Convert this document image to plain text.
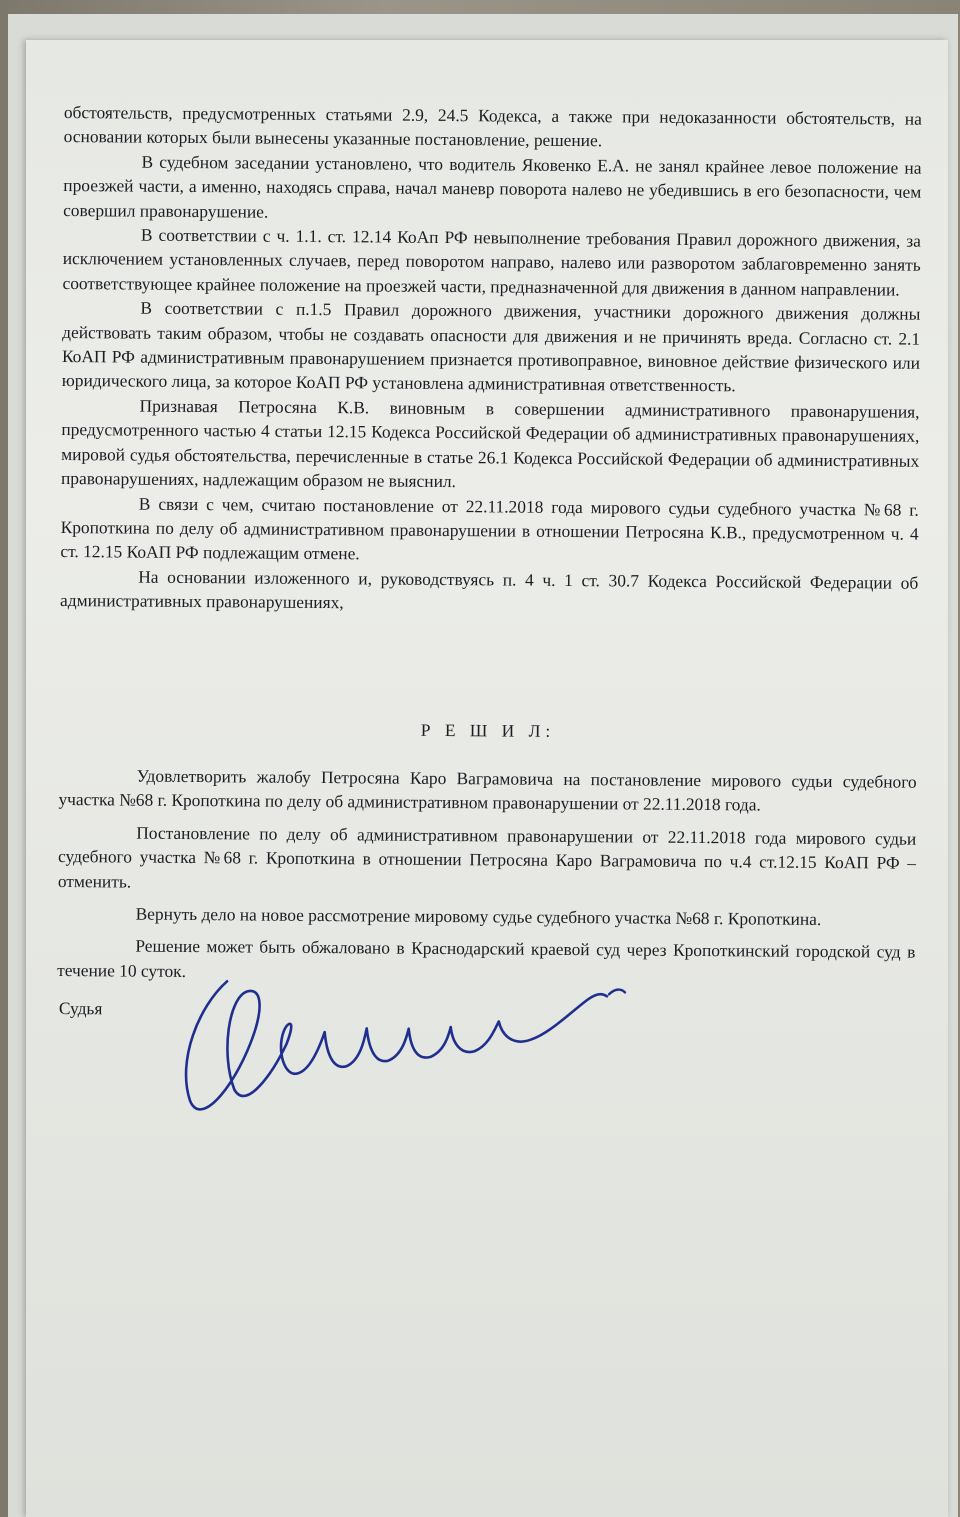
обстоятельств, предусмотренных статьями 2.9, 24.5 Кодекса, а также при недоказанности обстоятельств, на основании которых были вынесены указанные постановление, решение.

В судебном заседании установлено, что водитель Яковенко Е.А. не занял крайнее левое положение на проезжей части, а именно, находясь справа, начал маневр поворота налево не убедившись в его безопасности, чем совершил правонарушение.

В соответствии с ч. 1.1. ст. 12.14 КоАп РФ невыполнение требования Правил дорожного движения, за исключением установленных случаев, перед поворотом направо, налево или разворотом заблаговременно занять соответствующее крайнее положение на проезжей части, предназначенной для движения в данном направлении.

В соответствии с п.1.5 Правил дорожного движения, участники дорожного движения должны действовать таким образом, чтобы не создавать опасности для движения и не причинять вреда. Согласно ст. 2.1 КоАП РФ административным правонарушением признается противоправное, виновное действие физического или юридического лица, за которое КоАП РФ установлена административная ответственность.

Признавая Петросяна К.В. виновным в совершении административного правонарушения, предусмотренного частью 4 статьи 12.15 Кодекса Российской Федерации об административных правонарушениях, мировой судья обстоятельства, перечисленные в статье 26.1 Кодекса Российской Федерации об административных правонарушениях, надлежащим образом не выяснил.

В связи с чем, считаю постановление от 22.11.2018 года мирового судьи судебного участка №68 г. Кропоткина по делу об административном правонарушении в отношении Петросяна К.В., предусмотренном ч. 4 ст. 12.15 КоАП РФ подлежащим отмене.

На основании изложенного и, руководствуясь п. 4 ч. 1 ст. 30.7 Кодекса Российской Федерации об административных правонарушениях,

Р Е Ш И Л:

Удовлетворить жалобу Петросяна Каро Ваграмовича на постановление мирового судьи судебного участка №68 г. Кропоткина по делу об административном правонарушении от 22.11.2018 года.

Постановление по делу об административном правонарушении от 22.11.2018 года мирового судьи судебного участка №68 г. Кропоткина в отношении Петросяна Каро Ваграмовича по ч.4 ст.12.15 КоАП РФ – отменить.

Вернуть дело на новое рассмотрение мировому судье судебного участка №68 г. Кропоткина.

Решение может быть обжаловано в Краснодарский краевой суд через Кропоткинский городской суд в течение 10 суток.

Судья
